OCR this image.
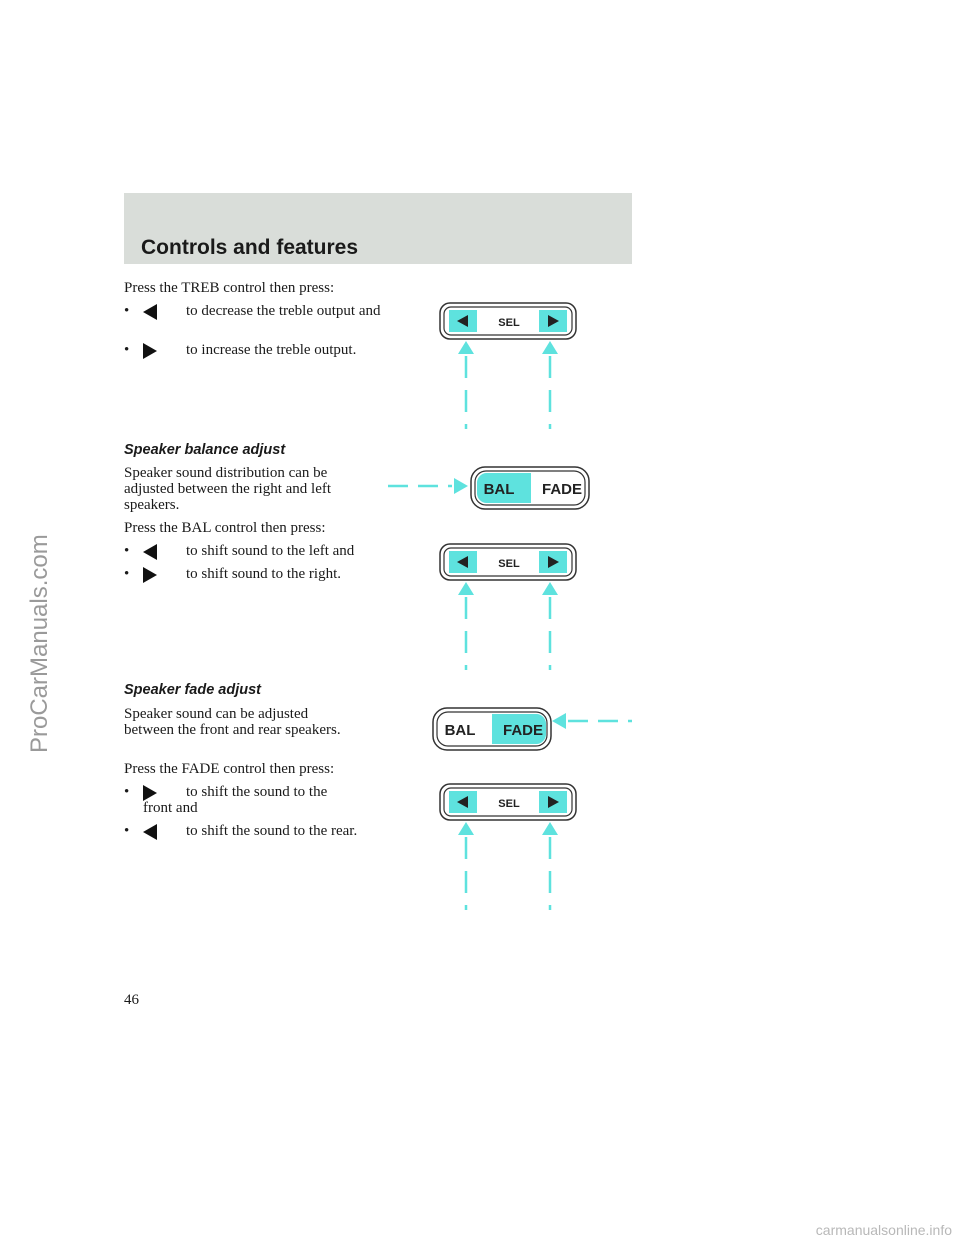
Controls and features
ProCarManuals.com

Press the TREB control then press:

•	to decrease the treble output and
•	to increase the treble output.
Speaker balance adjust

Speaker sound distribution can be adjusted between the right and left speakers.

Press the BAL control then press:

•	to shift sound to the left and
•	to shift sound to the right.
Speaker fade adjust

Speaker sound can be adjusted between the front and rear speakers.

Press the FADE control then press:

•	to shift the sound to the front and
•	to shift the sound to the rear.
46
carmanualsonline.info
SEL
BAL FADE
SEL
BAL FADE
SEL
